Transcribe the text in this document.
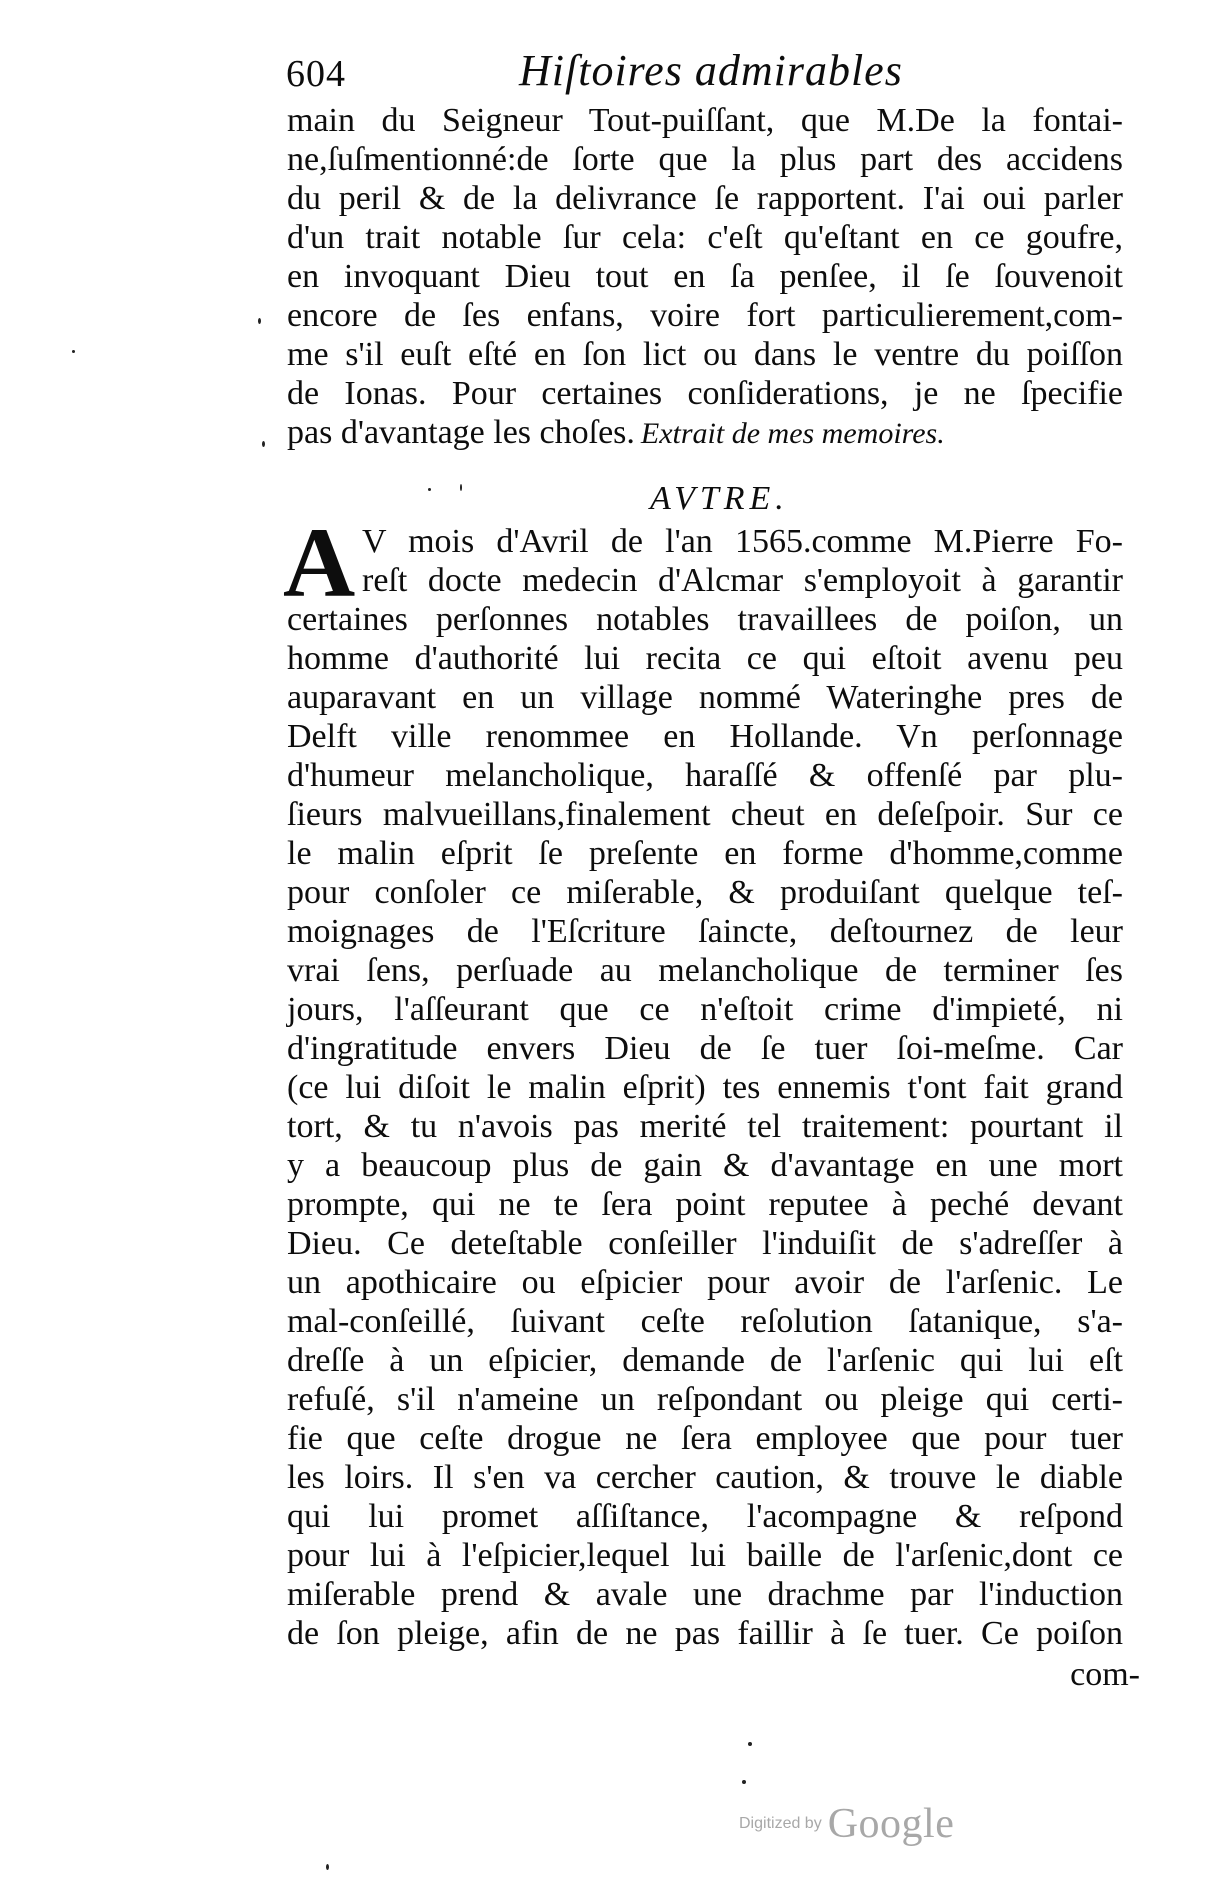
604	Hiſtoires admirables
main du Seigneur Tout-puiſſant, que M.De la fontai-
ne,ſuſmentionné:de ſorte que la plus part des accidens
du peril & de la delivrance ſe rapportent. I'ai oui parler
d'un trait notable ſur cela: c'eſt qu'eſtant en ce goufre,
en invoquant Dieu tout en ſa penſee, il ſe ſouvenoit
encore de ſes enfans, voire fort particulierement,com-
me s'il euſt eſté en ſon lict ou dans le ventre du poiſſon
de Ionas. Pour certaines conſiderations, je ne ſpecifie
pas d'avantage les choſes. Extrait de mes memoires.
AVTRE.
A V mois d'Avril de l'an 1565.comme M.Pierre Fo-
reſt docte medecin d'Alcmar s'employoit à garantir
certaines perſonnes notables travaillees de poiſon, un
homme d'authorité lui recita ce qui eſtoit avenu peu
auparavant en un village nommé Wateringhe pres de
Delft ville renommee en Hollande. Vn perſonnage
d'humeur melancholique, haraſſé & offenſé par plu-
ſieurs malvueillans,finalement cheut en deſeſpoir. Sur ce
le malin eſprit ſe preſente en forme d'homme,comme
pour conſoler ce miſerable, & produiſant quelque teſ-
moignages de l'Eſcriture ſaincte, deſtournez de leur
vrai ſens, perſuade au melancholique de terminer ſes
jours, l'aſſeurant que ce n'eſtoit crime d'impieté, ni
d'ingratitude envers Dieu de ſe tuer ſoi-meſme. Car
(ce lui diſoit le malin eſprit) tes ennemis t'ont fait grand
tort, & tu n'avois pas merité tel traitement: pourtant il
y a beaucoup plus de gain & d'avantage en une mort
prompte, qui ne te ſera point reputee à peché devant
Dieu. Ce deteſtable conſeiller l'induiſit de s'adreſſer à
un apothicaire ou eſpicier pour avoir de l'arſenic. Le
mal-conſeillé, ſuivant ceſte reſolution ſatanique, s'a-
dreſſe à un eſpicier, demande de l'arſenic qui lui eſt
refuſé, s'il n'ameine un reſpondant ou pleige qui certi-
fie que ceſte drogue ne ſera employee que pour tuer
les loirs. Il s'en va cercher caution, & trouve le diable
qui lui promet aſſiſtance, l'acompagne & reſpond
pour lui à l'eſpicier,lequel lui baille de l'arſenic,dont ce
miſerable prend & avale une drachme par l'induction
de ſon pleige, afin de ne pas faillir à ſe tuer. Ce poiſon
com-
Digitized by Google
